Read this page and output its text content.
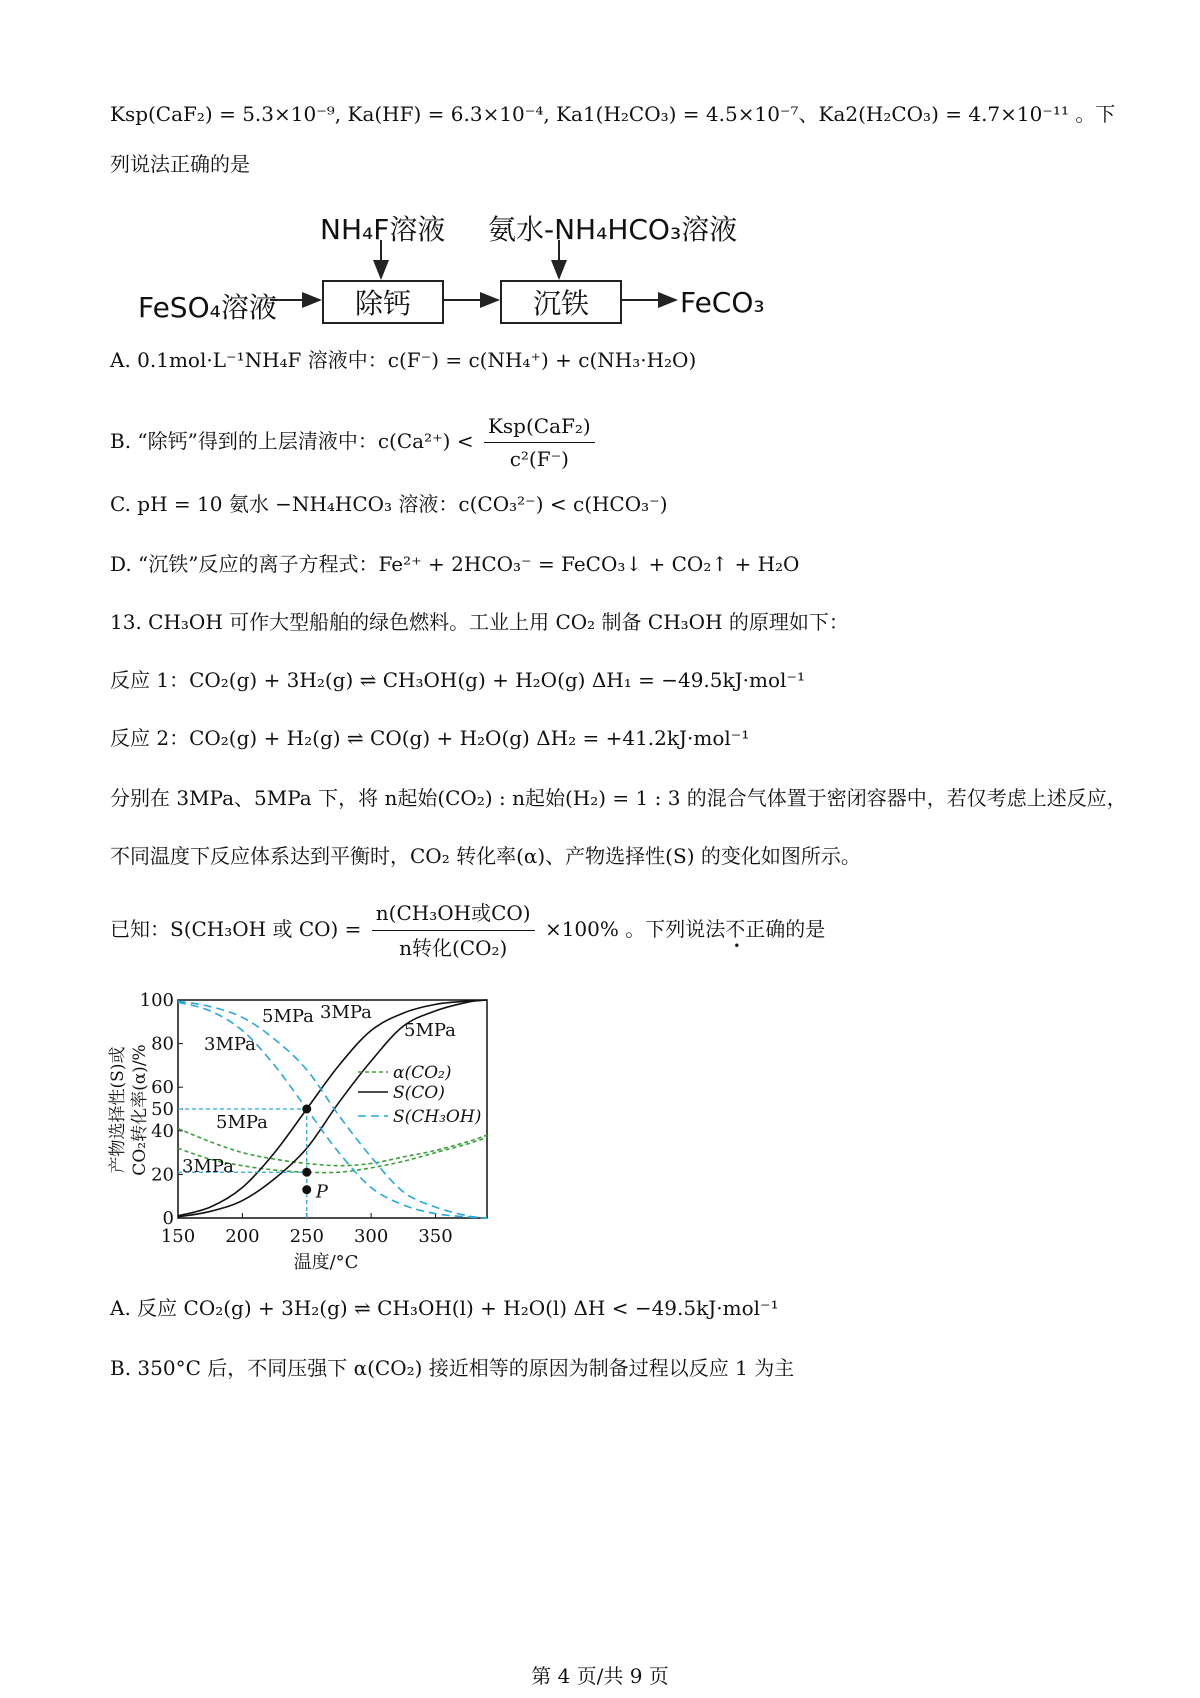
Ksp(CaF₂) = 5.3×10⁻⁹, Ka(HF) = 6.3×10⁻⁴, Ka1(H₂CO₃) = 4.5×10⁻⁷、Ka2(H₂CO₃) = 4.7×10⁻¹¹ 。下
列说法正确的是
NH₄F溶液 氨水-NH₄HCO₃溶液
FeSO₄溶液	除钙	沉铁	FeCO₃
A. 0.1mol·L⁻¹NH₄F 溶液中：c(F⁻) = c(NH₄⁺) + c(NH₃·H₂O)
B. “除钙”得到的上层清液中：$c(Ca^{2+}) < \frac{\text{Ksp(CaF₂)}}{\text{c²(F⁻)}}$
C. pH = 10 氨水 −NH₄HCO₃ 溶液：c(CO₃²⁻) < c(HCO₃⁻)
D. “沉铁”反应的离子方程式：Fe²⁺ + 2HCO₃⁻ = FeCO₃↓ + CO₂↑ + H₂O
13. CH₃OH 可作大型船舶的绿色燃料。工业上用 CO₂ 制备 CH₃OH 的原理如下：
反应 1：CO₂(g) + 3H₂(g) ⇌ CH₃OH(g) + H₂O(g) ΔH₁ = −49.5kJ·mol⁻¹
反应 2：CO₂(g) + H₂(g) ⇌ CO(g) + H₂O(g) ΔH₂ = +41.2kJ·mol⁻¹
分别在 3MPa、5MPa 下，将 n起始(CO₂) : n起始(H₂) = 1 : 3 的混合气体置于密闭容器中，若仅考虑上述反应，
不同温度下反应体系达到平衡时，CO₂ 转化率(α)、产物选择性(S) 的变化如图所示。
已知：S(CH₃OH 或 $CO) = \frac{\text{n(CH₃OH或CO)}}{\text{n转化(CO₂)}} \times 100\%$ 。下列说法不正确的是
150 200 250 300 350
0
20
40
50
60
80
100
温度/°C
产物选择性(S)或 CO₂转化率(α)/%
P
5MPa 3MPa
3MPa
5MPa
5MPa
3MPa
α(CO₂)
S(CO)
S(CH₃OH)
A. 反应 CO₂(g) + 3H₂(g) ⇌ CH₃OH(l) + H₂O(l) ΔH < −49.5kJ·mol⁻¹
B. 350°C 后，不同压强下 α(CO₂) 接近相等的原因为制备过程以反应 1 为主
第 4 页/共 9 页
